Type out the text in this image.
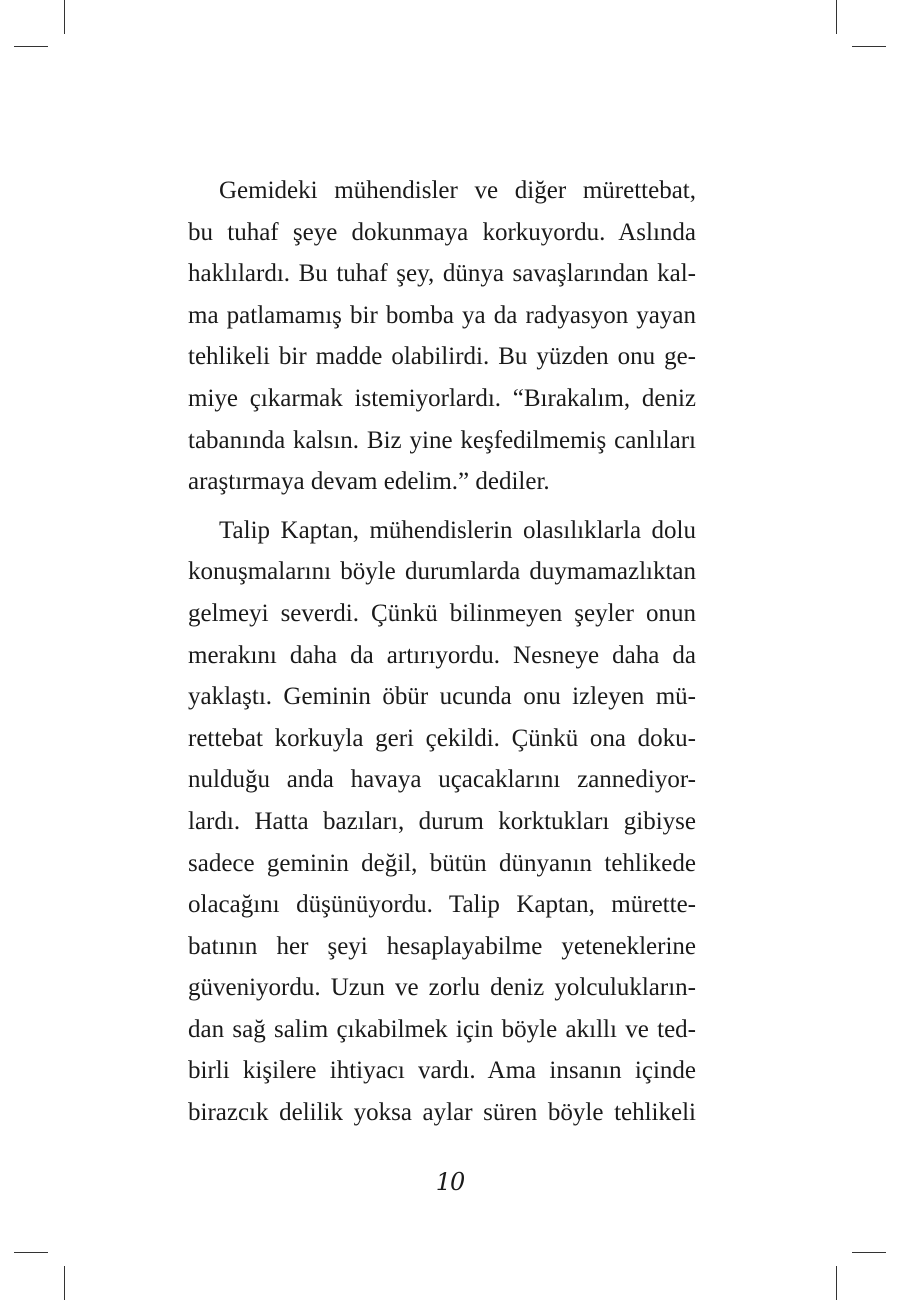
Gemideki mühendisler ve diğer mürettebat,
bu tuhaf şeye dokunmaya korkuyordu. Aslında
haklılardı. Bu tuhaf şey, dünya savaşlarından kal-
ma patlamamış bir bomba ya da radyasyon yayan
tehlikeli bir madde olabilirdi. Bu yüzden onu ge-
miye çıkarmak istemiyorlardı. “Bırakalım, deniz
tabanında kalsın. Biz yine keşfedilmemiş canlıları
araştırmaya devam edelim.” dediler.
Talip Kaptan, mühendislerin olasılıklarla dolu
konuşmalarını böyle durumlarda duymamazlıktan
gelmeyi severdi. Çünkü bilinmeyen şeyler onun
merakını daha da artırıyordu. Nesneye daha da
yaklaştı. Geminin öbür ucunda onu izleyen mü-
rettebat korkuyla geri çekildi. Çünkü ona doku-
nulduğu anda havaya uçacaklarını zannediyor-
lardı. Hatta bazıları, durum korktukları gibiyse
sadece geminin değil, bütün dünyanın tehlikede
olacağını düşünüyordu. Talip Kaptan, mürette-
batının her şeyi hesaplayabilme yeteneklerine
güveniyordu. Uzun ve zorlu deniz yolculukların-
dan sağ salim çıkabilmek için böyle akıllı ve ted-
birli kişilere ihtiyacı vardı. Ama insanın içinde
birazcık delilik yoksa aylar süren böyle tehlikeli
10
